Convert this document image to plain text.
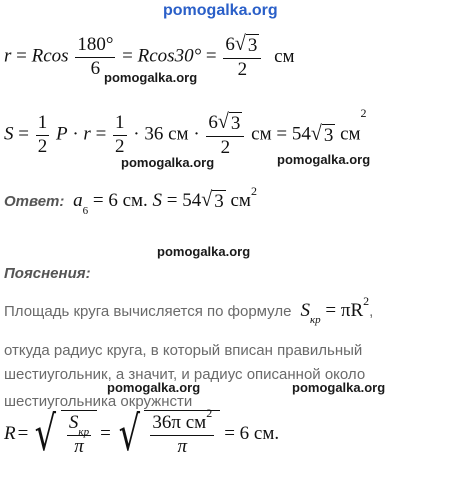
pomogalka.org
r = Rcos $\frac{180^\circ}{6} = Rcos30^\circ = \frac{6 √ 3}{2}$ см
pomogalka.org
$S = \frac{1}{2}$ $P \cdot r = \frac{1}{2} \cdot 36$ см · $\frac{6 √ 3}{2}$ см = 54 √ 3 $см^2$
pomogalka.org	pomogalka.org
Ответ: $a_6 = 6$ см. S = 54 √ 3 $см^2$
pomogalka.org
Пояснения:
Площадь круга вычисляется по формуле $S_{кр} = \pi R^2$,
откуда радиус круга, в который вписан правильный
шестиугольник, а значит, и радиус описанной около
pomogalka.org	pomogalka.org
шестиугольника окружнсти
R = √ $\frac{S_{кр}}{\pi}$ = √ $\frac{36\pi см^2}{\pi} = 6$ см.
